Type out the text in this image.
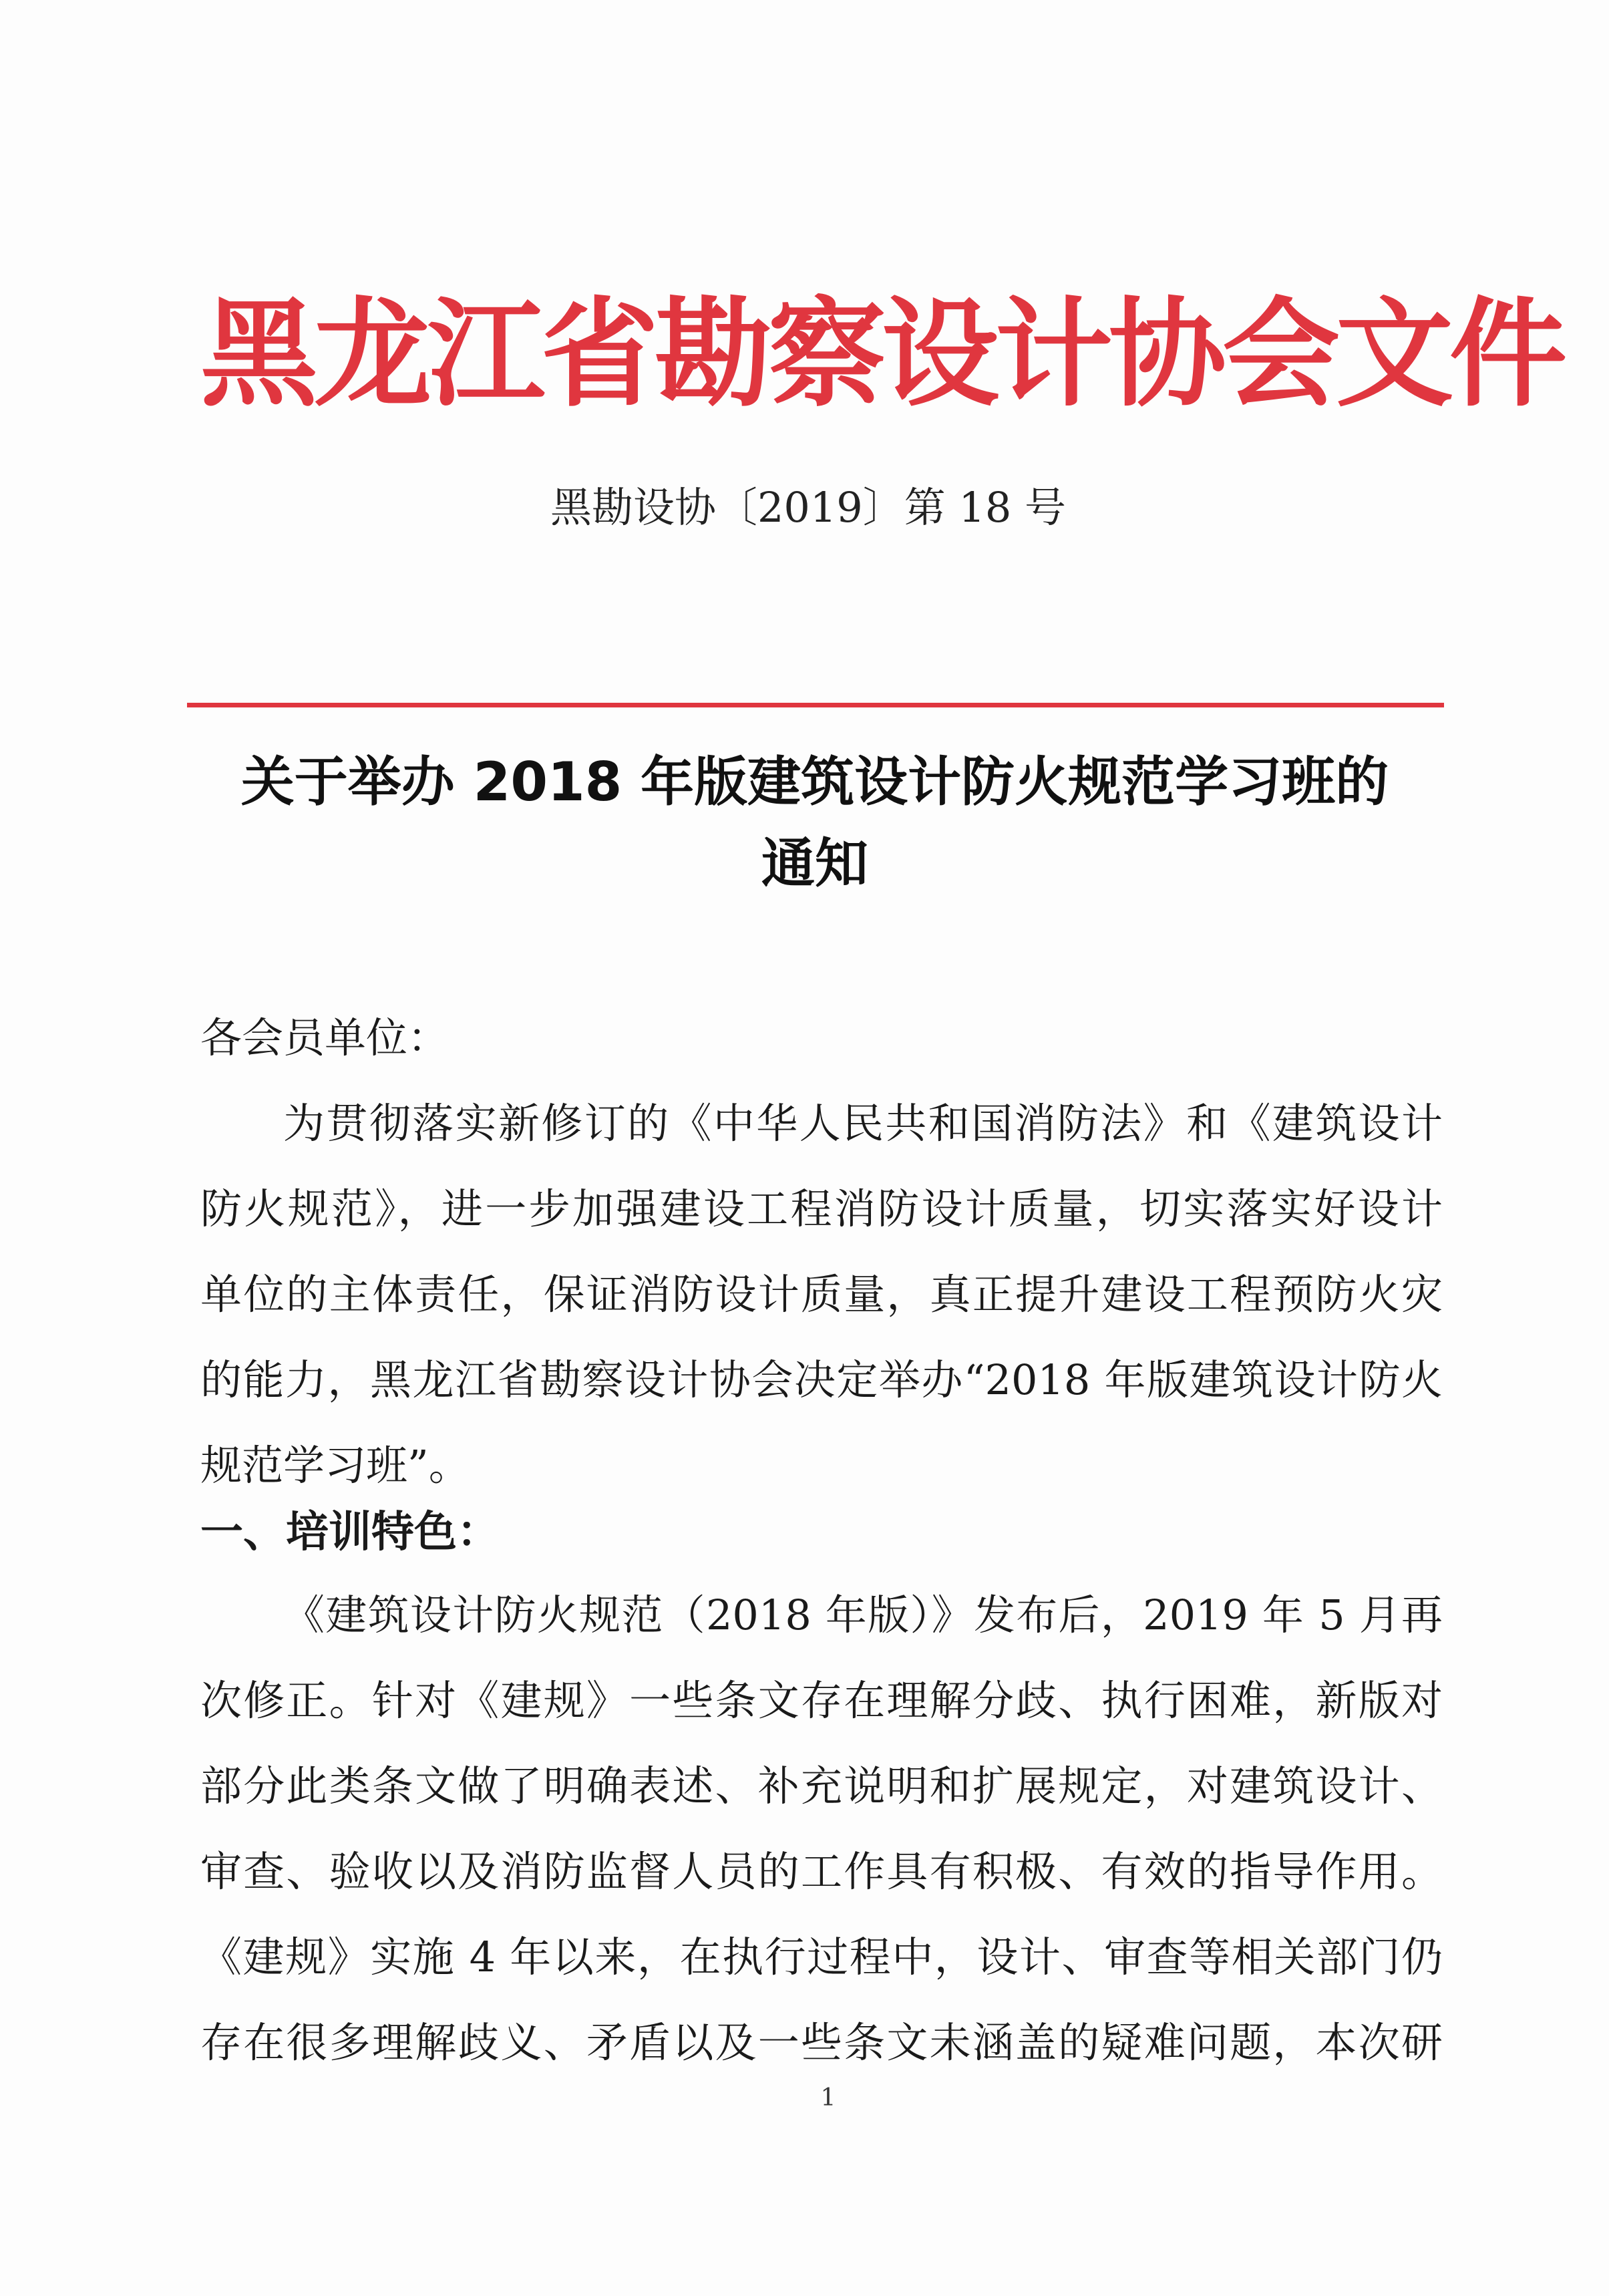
黑龙江省勘察设计协会文件
黑勘设协〔2019〕第 18 号
关于举办 2018 年版建筑设计防火规范学习班的
通知
各会员单位：
为贯彻落实新修订的《中华人民共和国消防法》和《建筑设计
防火规范》，进一步加强建设工程消防设计质量，切实落实好设计
单位的主体责任，保证消防设计质量，真正提升建设工程预防火灾
的能力，黑龙江省勘察设计协会决定举办“2018 年版建筑设计防火
规范学习班”。
一、培训特色：
《建筑设计防火规范（2018 年版）》发布后，2019 年 5 月再
次修正。针对《建规》一些条文存在理解分歧、执行困难，新版对
部分此类条文做了明确表述、补充说明和扩展规定，对建筑设计、
审查、验收以及消防监督人员的工作具有积极、有效的指导作用。
《建规》实施 4 年以来，在执行过程中，设计、审查等相关部门仍
存在很多理解歧义、矛盾以及一些条文未涵盖的疑难问题，本次研
1
